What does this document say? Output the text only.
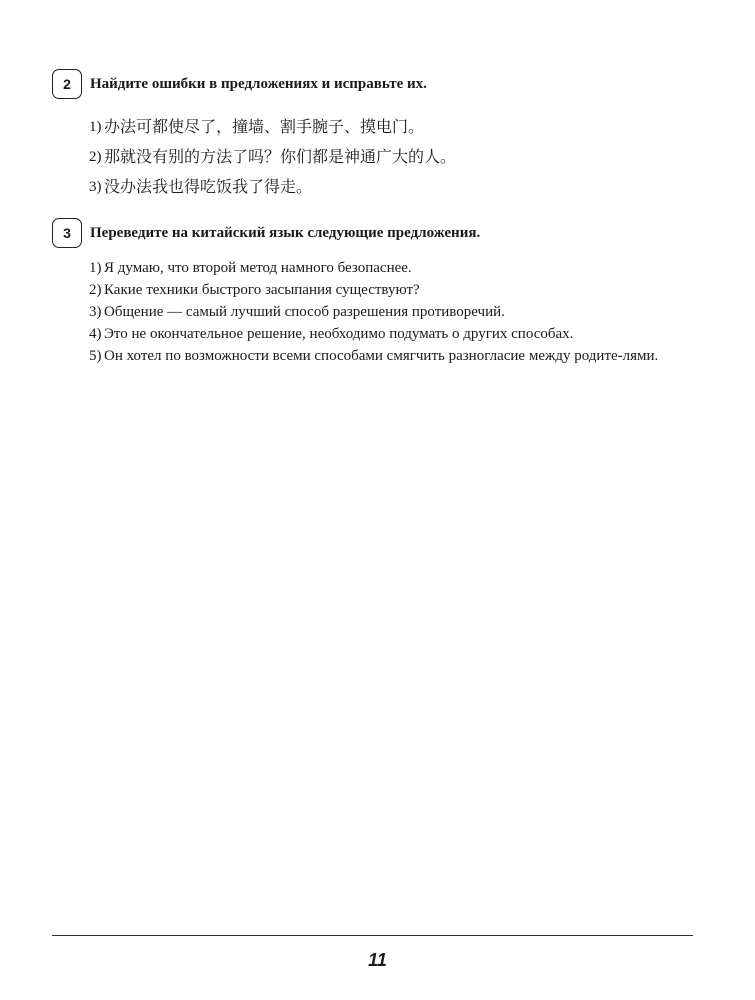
2	Найдите ошибки в предложениях и исправьте их.
1) 办法可都使尽了，撞墙、割手腕子、摸电门。
2) 那就没有别的方法了吗？你们都是神通广大的人。
3) 没办法我也得吃饭我了得走。
3	Переведите на китайский язык следующие предложения.
1) Я думаю, что второй метод намного безопаснее.
2) Какие техники быстрого засыпания существуют?
3) Общение — самый лучший способ разрешения противоречий.
4) Это не окончательное решение, необходимо подумать о других способах.
5) Он хотел по возможности всеми способами смягчить разногласие между родите-лями.
11
